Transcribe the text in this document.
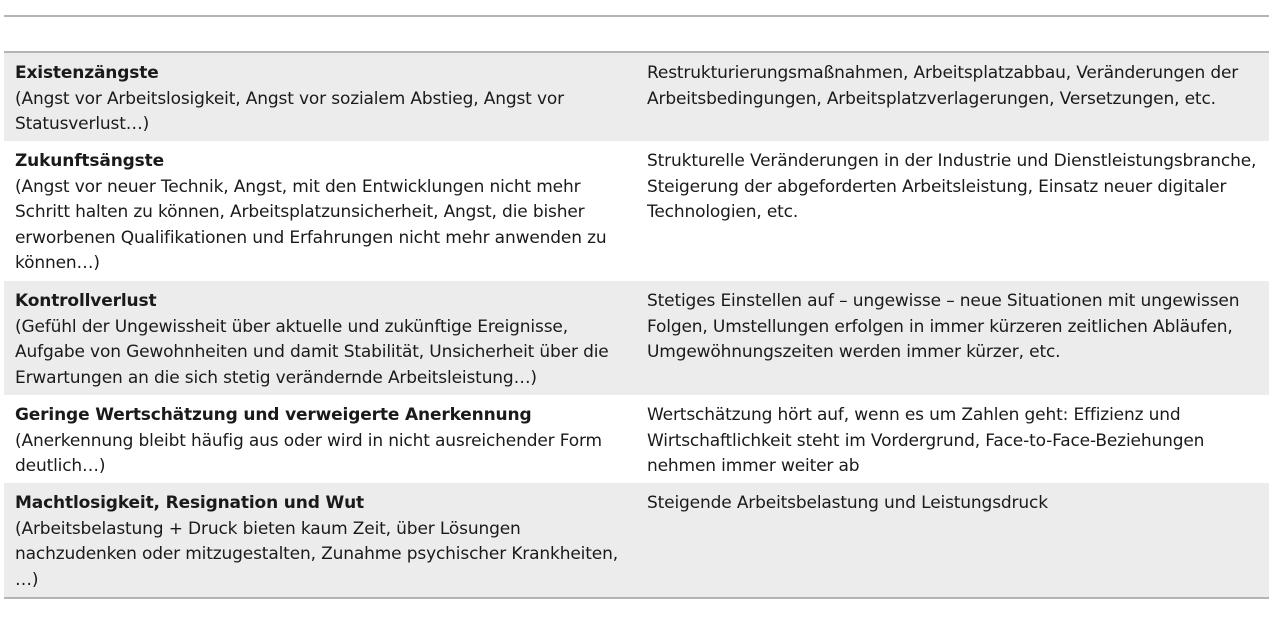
Existenzängste
(Angst vor Arbeitslosigkeit, Angst vor sozialem Abstieg, Angst vor Statusverlust…)
Restrukturierungsmaßnahmen, Arbeitsplatzabbau, Veränderungen der Arbeitsbedingungen, Arbeitsplatzverlagerungen, Versetzungen, etc.
Zukunftsängste
(Angst vor neuer Technik, Angst, mit den Entwicklungen nicht mehr Schritt halten zu können, Arbeitsplatzunsicherheit, Angst, die bisher erworbenen Qualifikationen und Erfahrungen nicht mehr anwenden zu können…)
Strukturelle Veränderungen in der Industrie und Dienstleistungsbranche, Steigerung der abgeforderten Arbeitsleistung, Einsatz neuer digitaler Technologien, etc.
Kontrollverlust
(Gefühl der Ungewissheit über aktuelle und zukünftige Ereignisse, Aufgabe von Gewohnheiten und damit Stabilität, Unsicherheit über die Erwartungen an die sich stetig verändernde Arbeitsleistung…)
Stetiges Einstellen auf – ungewisse – neue Situationen mit ungewissen Folgen, Umstellungen erfolgen in immer kürzeren zeitlichen Abläufen, Umgewöhnungszeiten werden immer kürzer, etc.
Geringe Wertschätzung und verweigerte Anerkennung
(Anerkennung bleibt häufig aus oder wird in nicht ausreichender Form deutlich…)
Wertschätzung hört auf, wenn es um Zahlen geht: Effizienz und Wirtschaftlichkeit steht im Vordergrund, Face-to-Face-Beziehungen nehmen immer weiter ab
Machtlosigkeit, Resignation und Wut
(Arbeitsbelastung + Druck bieten kaum Zeit, über Lösungen nachzudenken oder mitzugestalten, Zunahme psychischer Krankheiten, …)
Steigende Arbeitsbelastung und Leistungsdruck
